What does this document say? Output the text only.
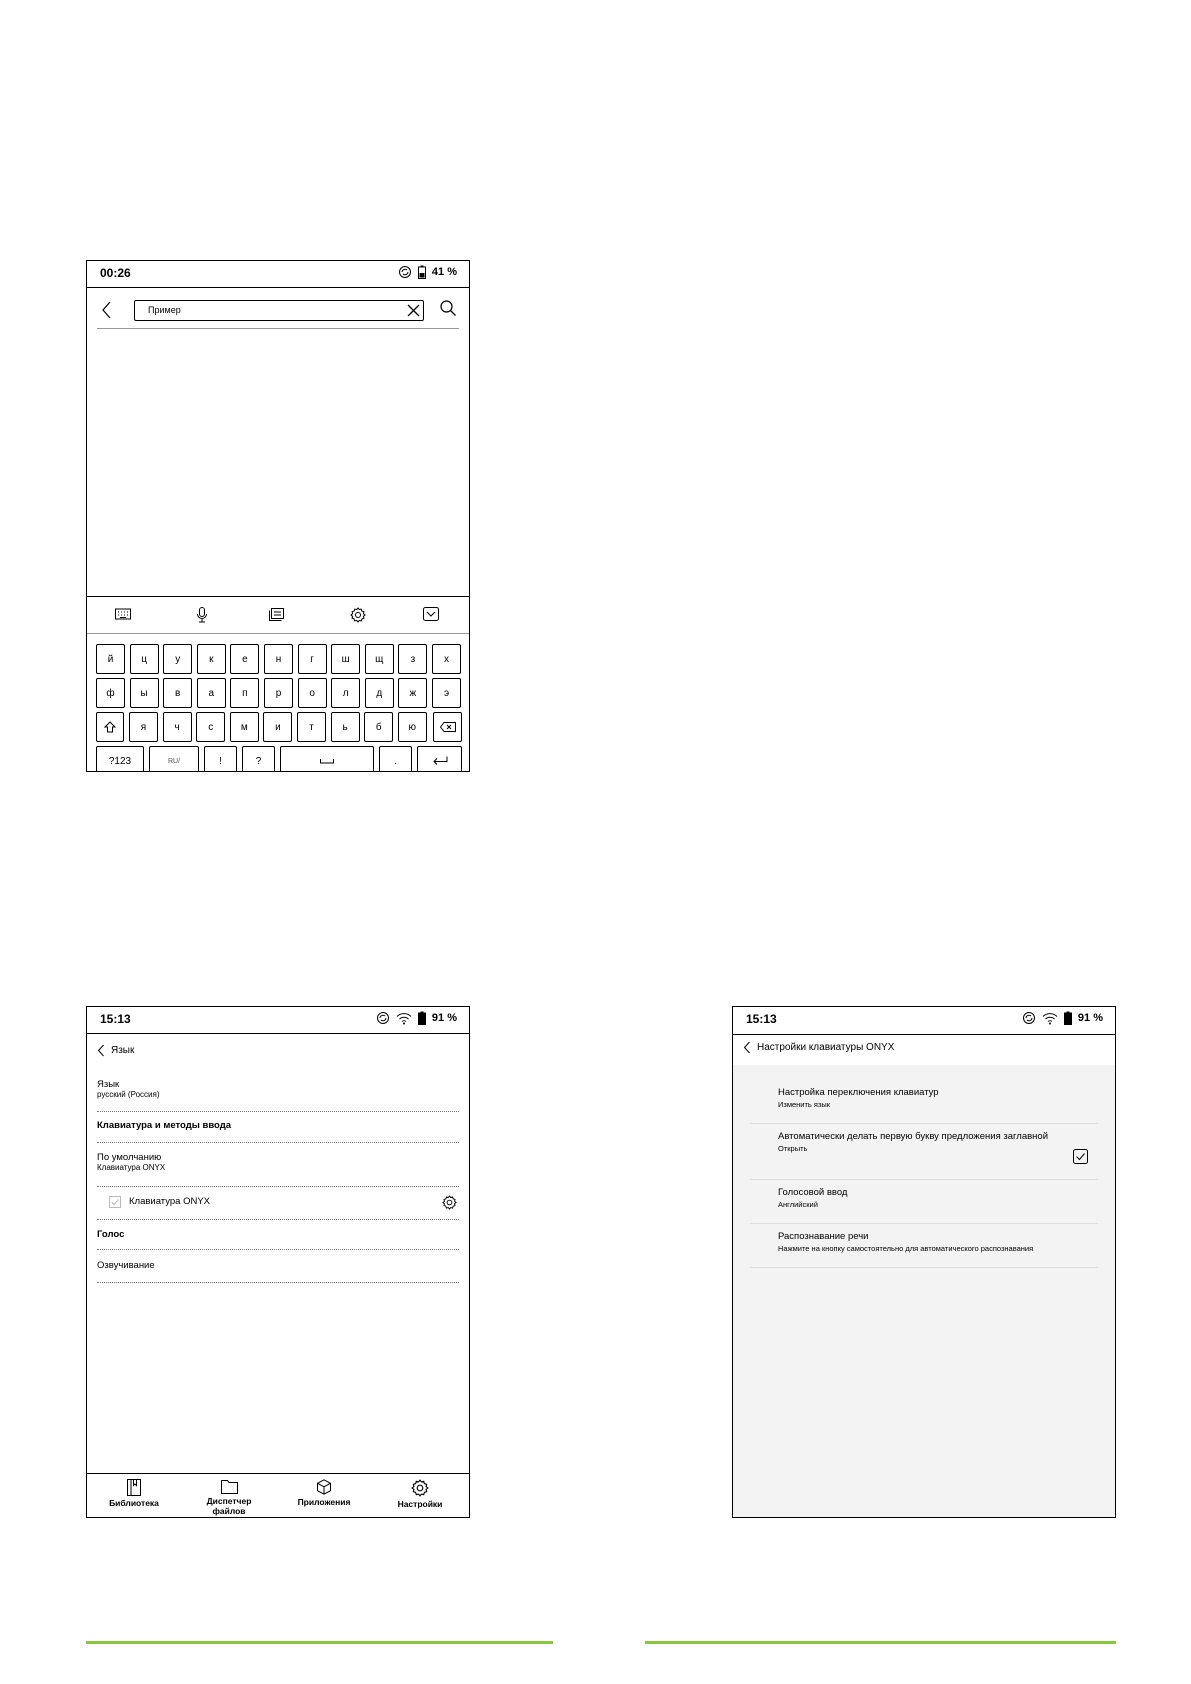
00:26	41 %
Пример
й	ц	у	к	е	н	г	ш	щ	з	х
ф	ы	в	а	п	р	о	л	д	ж	э
я	ч	с	м	и	т	ь	б	ю
?123	RU/	!	?	.
15:13	91 %
Язык
Язык
русский (Россия)
Клавиатура и методы ввода
По умолчанию
Клавиатура ONYX
Клавиатура ONYX
Голос
Озвучивание
Библиотека	Диспетчер
файлов
Приложения	Настройки
15:13	91 %
Настройки клавиатуры ONYX
Настройка переключения клавиатур
Изменить язык
Автоматически делать первую букву предложения заглавной
Открыть
Голосовой ввод
Английский
Распознавание речи
Нажмите на кнопку самостоятельно для автоматического распознавания
